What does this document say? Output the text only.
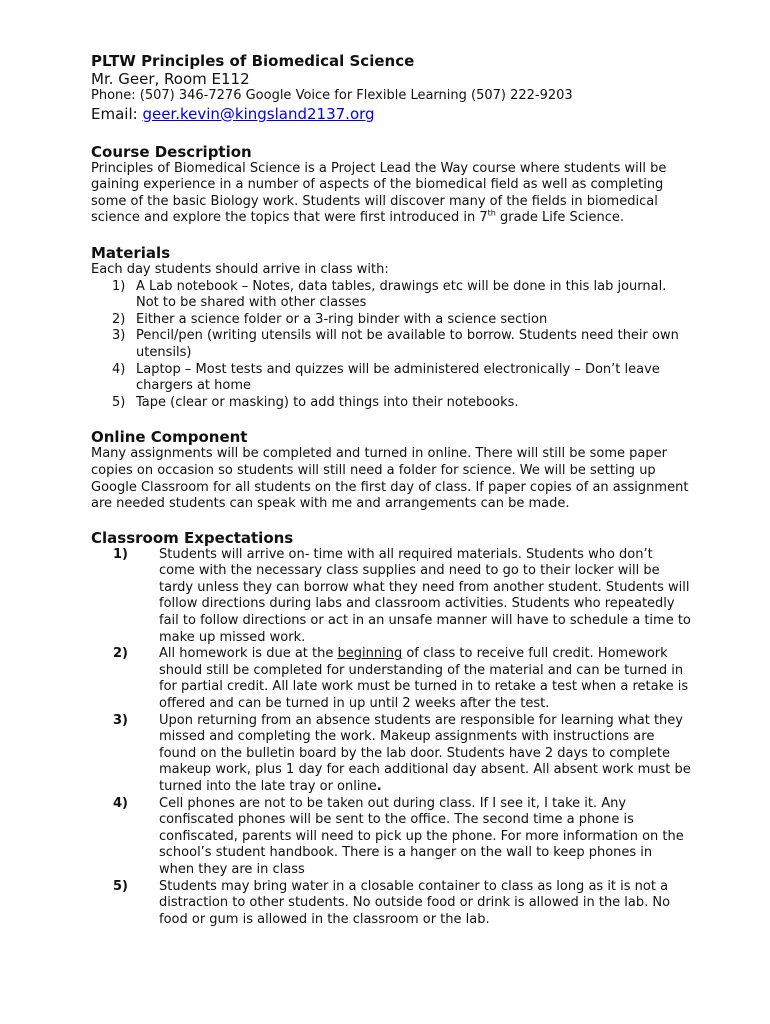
PLTW Principles of Biomedical Science

Mr. Geer, Room E112

Phone: (507) 346-7276 Google Voice for Flexible Learning (507) 222-9203

Email: geer.kevin@kingsland2137.org

Course Description

Principles of Biomedical Science is a Project Lead the Way course where students will be gaining experience in a number of aspects of the biomedical field as well as completing some of the basic Biology work. Students will discover many of the fields in biomedical science and explore the topics that were first introduced in 7th grade Life Science.

Materials

Each day students should arrive in class with:

1) A Lab notebook – Notes, data tables, drawings etc will be done in this lab journal. Not to be shared with other classes
2) Either a science folder or a 3-ring binder with a science section
3) Pencil/pen (writing utensils will not be available to borrow. Students need their own utensils)
4) Laptop – Most tests and quizzes will be administered electronically – Don’t leave chargers at home
5) Tape (clear or masking) to add things into their notebooks.
Online Component

Many assignments will be completed and turned in online. There will still be some paper copies on occasion so students will still need a folder for science. We will be setting up Google Classroom for all students on the first day of class. If paper copies of an assignment are needed students can speak with me and arrangements can be made.

Classroom Expectations
1) Students will arrive on- time with all required materials. Students who don’t come with the necessary class supplies and need to go to their locker will be tardy unless they can borrow what they need from another student. Students will follow directions during labs and classroom activities. Students who repeatedly fail to follow directions or act in an unsafe manner will have to schedule a time to make up missed work.
2) All homework is due at the beginning of class to receive full credit. Homework should still be completed for understanding of the material and can be turned in for partial credit. All late work must be turned in to retake a test when a retake is offered and can be turned in up until 2 weeks after the test.
3) Upon returning from an absence students are responsible for learning what they missed and completing the work. Makeup assignments with instructions are found on the bulletin board by the lab door. Students have 2 days to complete makeup work, plus 1 day for each additional day absent. All absent work must be turned into the late tray or online.
4) Cell phones are not to be taken out during class. If I see it, I take it. Any confiscated phones will be sent to the office. The second time a phone is confiscated, parents will need to pick up the phone. For more information on the school’s student handbook. There is a hanger on the wall to keep phones in when they are in class
5) Students may bring water in a closable container to class as long as it is not a distraction to other students. No outside food or drink is allowed in the lab. No food or gum is allowed in the classroom or the lab.
